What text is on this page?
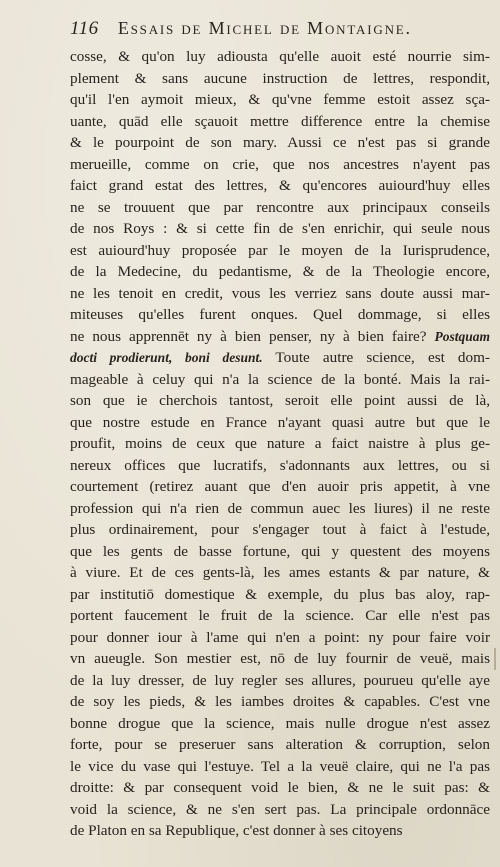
116 Essais de Michel de Montaigne.
cosse, & qu'on luy adiousta qu'elle auoit esté nourrie sim-
plement & sans aucune instruction de lettres, respondit,
qu'il l'en aymoit mieux, & qu'vne femme estoit assez sça-
uante, quād elle sçauoit mettre difference entre la chemise
& le pourpoint de son mary. Aussi ce n'est pas si grande
merueille, comme on crie, que nos ancestres n'ayent pas
faict grand estat des lettres, & qu'encores auiourd'huy elles
ne se trouuent que par rencontre aux principaux conseils
de nos Roys : & si cette fin de s'en enrichir, qui seule nous
est auiourd'huy proposée par le moyen de la Iurisprudence,
de la Medecine, du pedantisme, & de la Theologie encore,
ne les tenoit en credit, vous les verriez sans doute aussi mar-
miteuses qu'elles furent onques. Quel dommage, si elles
ne nous apprennēt ny à bien penser, ny à bien faire? Postquam
docti prodierunt, boni desunt. Toute autre science, est dom-
mageable à celuy qui n'a la science de la bonté. Mais la rai-
son que ie cherchois tantost, seroit elle point aussi de là,
que nostre estude en France n'ayant quasi autre but que le
proufit, moins de ceux que nature a faict naistre à plus ge-
nereux offices que lucratifs, s'adonnants aux lettres, ou si
courtement (retirez auant que d'en auoir pris appetit, à vne
profession qui n'a rien de commun auec les liures) il ne reste
plus ordinairement, pour s'engager tout à faict à l'estude,
que les gents de basse fortune, qui y questent des moyens
à viure. Et de ces gents-là, les ames estants & par nature, &
par institutiō domestique & exemple, du plus bas aloy, rap-
portent faucement le fruit de la science. Car elle n'est pas
pour donner iour à l'ame qui n'en a point: ny pour faire voir
vn aueugle. Son mestier est, nō de luy fournir de veuë, mais
de la luy dresser, de luy regler ses allures, pourueu qu'elle aye
de soy les pieds, & les iambes droites & capables. C'est vne
bonne drogue que la science, mais nulle drogue n'est assez
forte, pour se preseruer sans alteration & corruption, selon
le vice du vase qui l'estuye. Tel a la veuë claire, qui ne l'a pas
droitte: & par consequent void le bien, & ne le suit pas: &
void la science, & ne s'en sert pas. La principale ordonnāce
de Platon en sa Republique, c'est donner à ses citoyens
